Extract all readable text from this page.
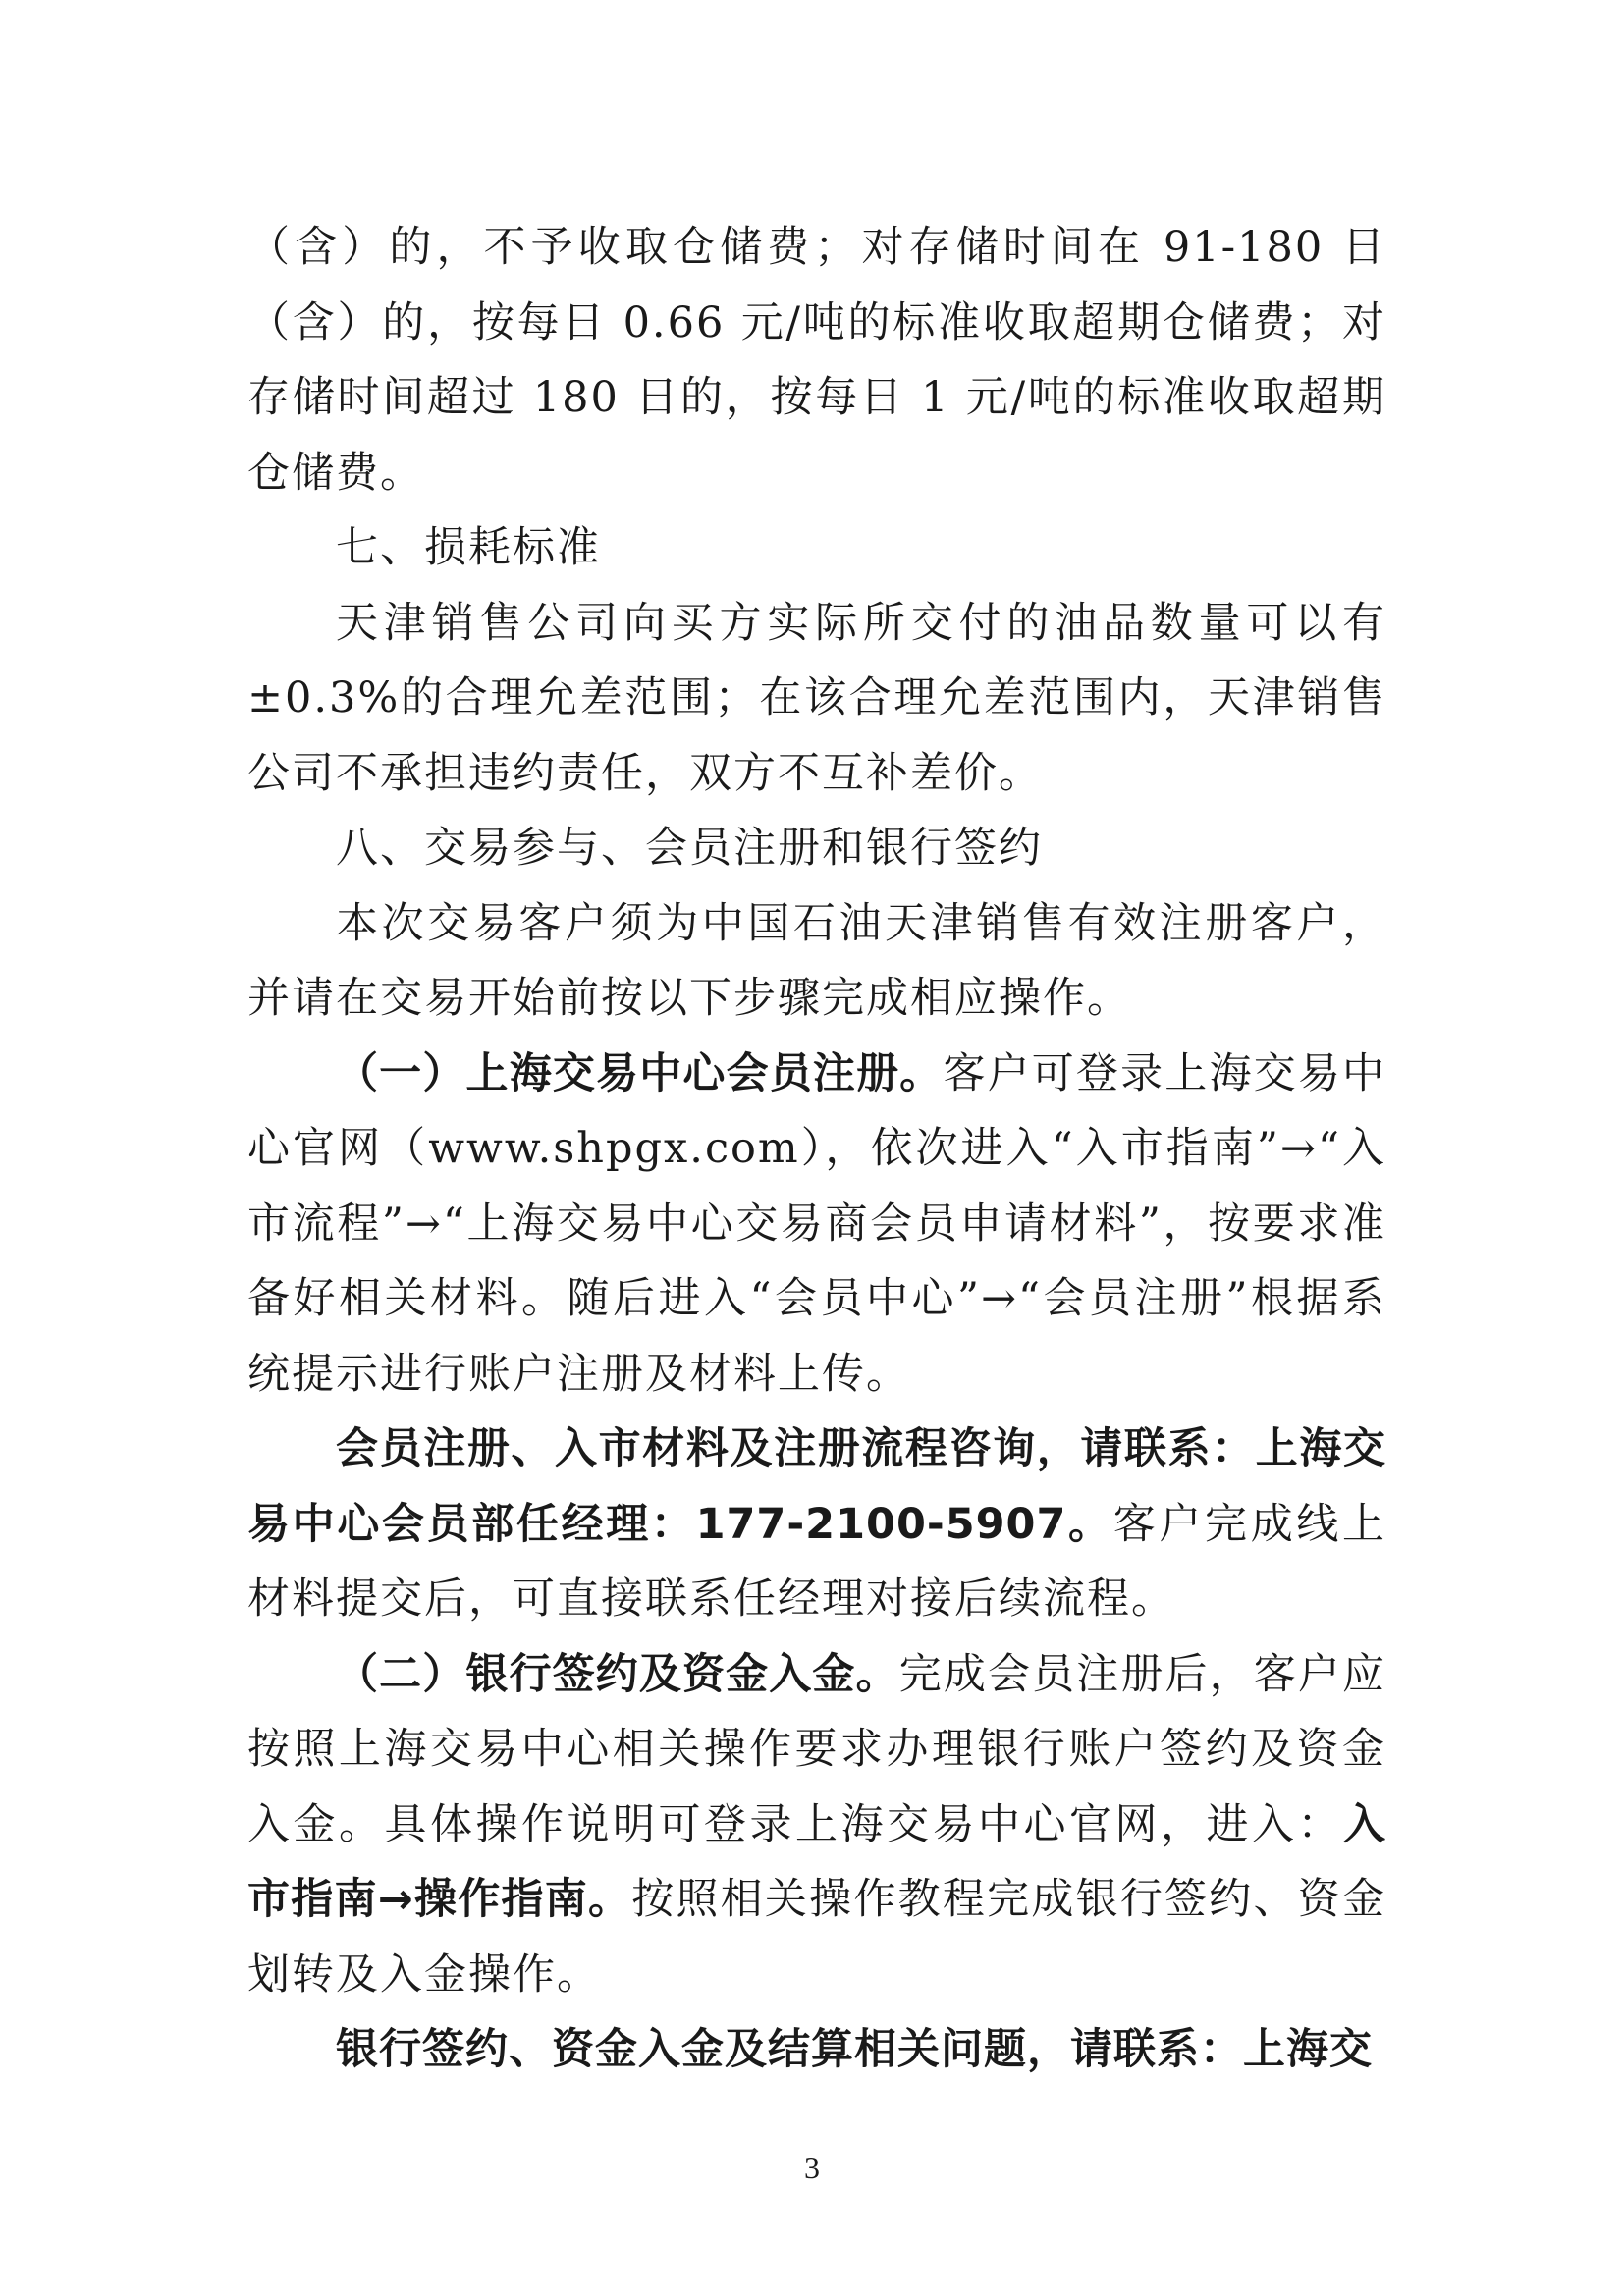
（含）的，不予收取仓储费；对存储时间在 91-180 日（含）的，按每日 0.66 元/吨的标准收取超期仓储费；对存储时间超过 180 日的，按每日 1 元/吨的标准收取超期仓储费。

七、损耗标准

天津销售公司向买方实际所交付的油品数量可以有±0.3%的合理允差范围；在该合理允差范围内，天津销售公司不承担违约责任，双方不互补差价。

八、交易参与、会员注册和银行签约

本次交易客户须为中国石油天津销售有效注册客户，并请在交易开始前按以下步骤完成相应操作。

（一）上海交易中心会员注册。客户可登录上海交易中心官网（www.shpgx.com），依次进入“入市指南”→“入市流程”→“上海交易中心交易商会员申请材料”，按要求准备好相关材料。随后进入“会员中心”→“会员注册”根据系统提示进行账户注册及材料上传。

会员注册、入市材料及注册流程咨询，请联系：上海交易中心会员部任经理：177-2100-5907。客户完成线上材料提交后，可直接联系任经理对接后续流程。

（二）银行签约及资金入金。完成会员注册后，客户应按照上海交易中心相关操作要求办理银行账户签约及资金入金。具体操作说明可登录上海交易中心官网，进入：入市指南→操作指南。按照相关操作教程完成银行签约、资金划转及入金操作。

银行签约、资金入金及结算相关问题，请联系：上海交

3
